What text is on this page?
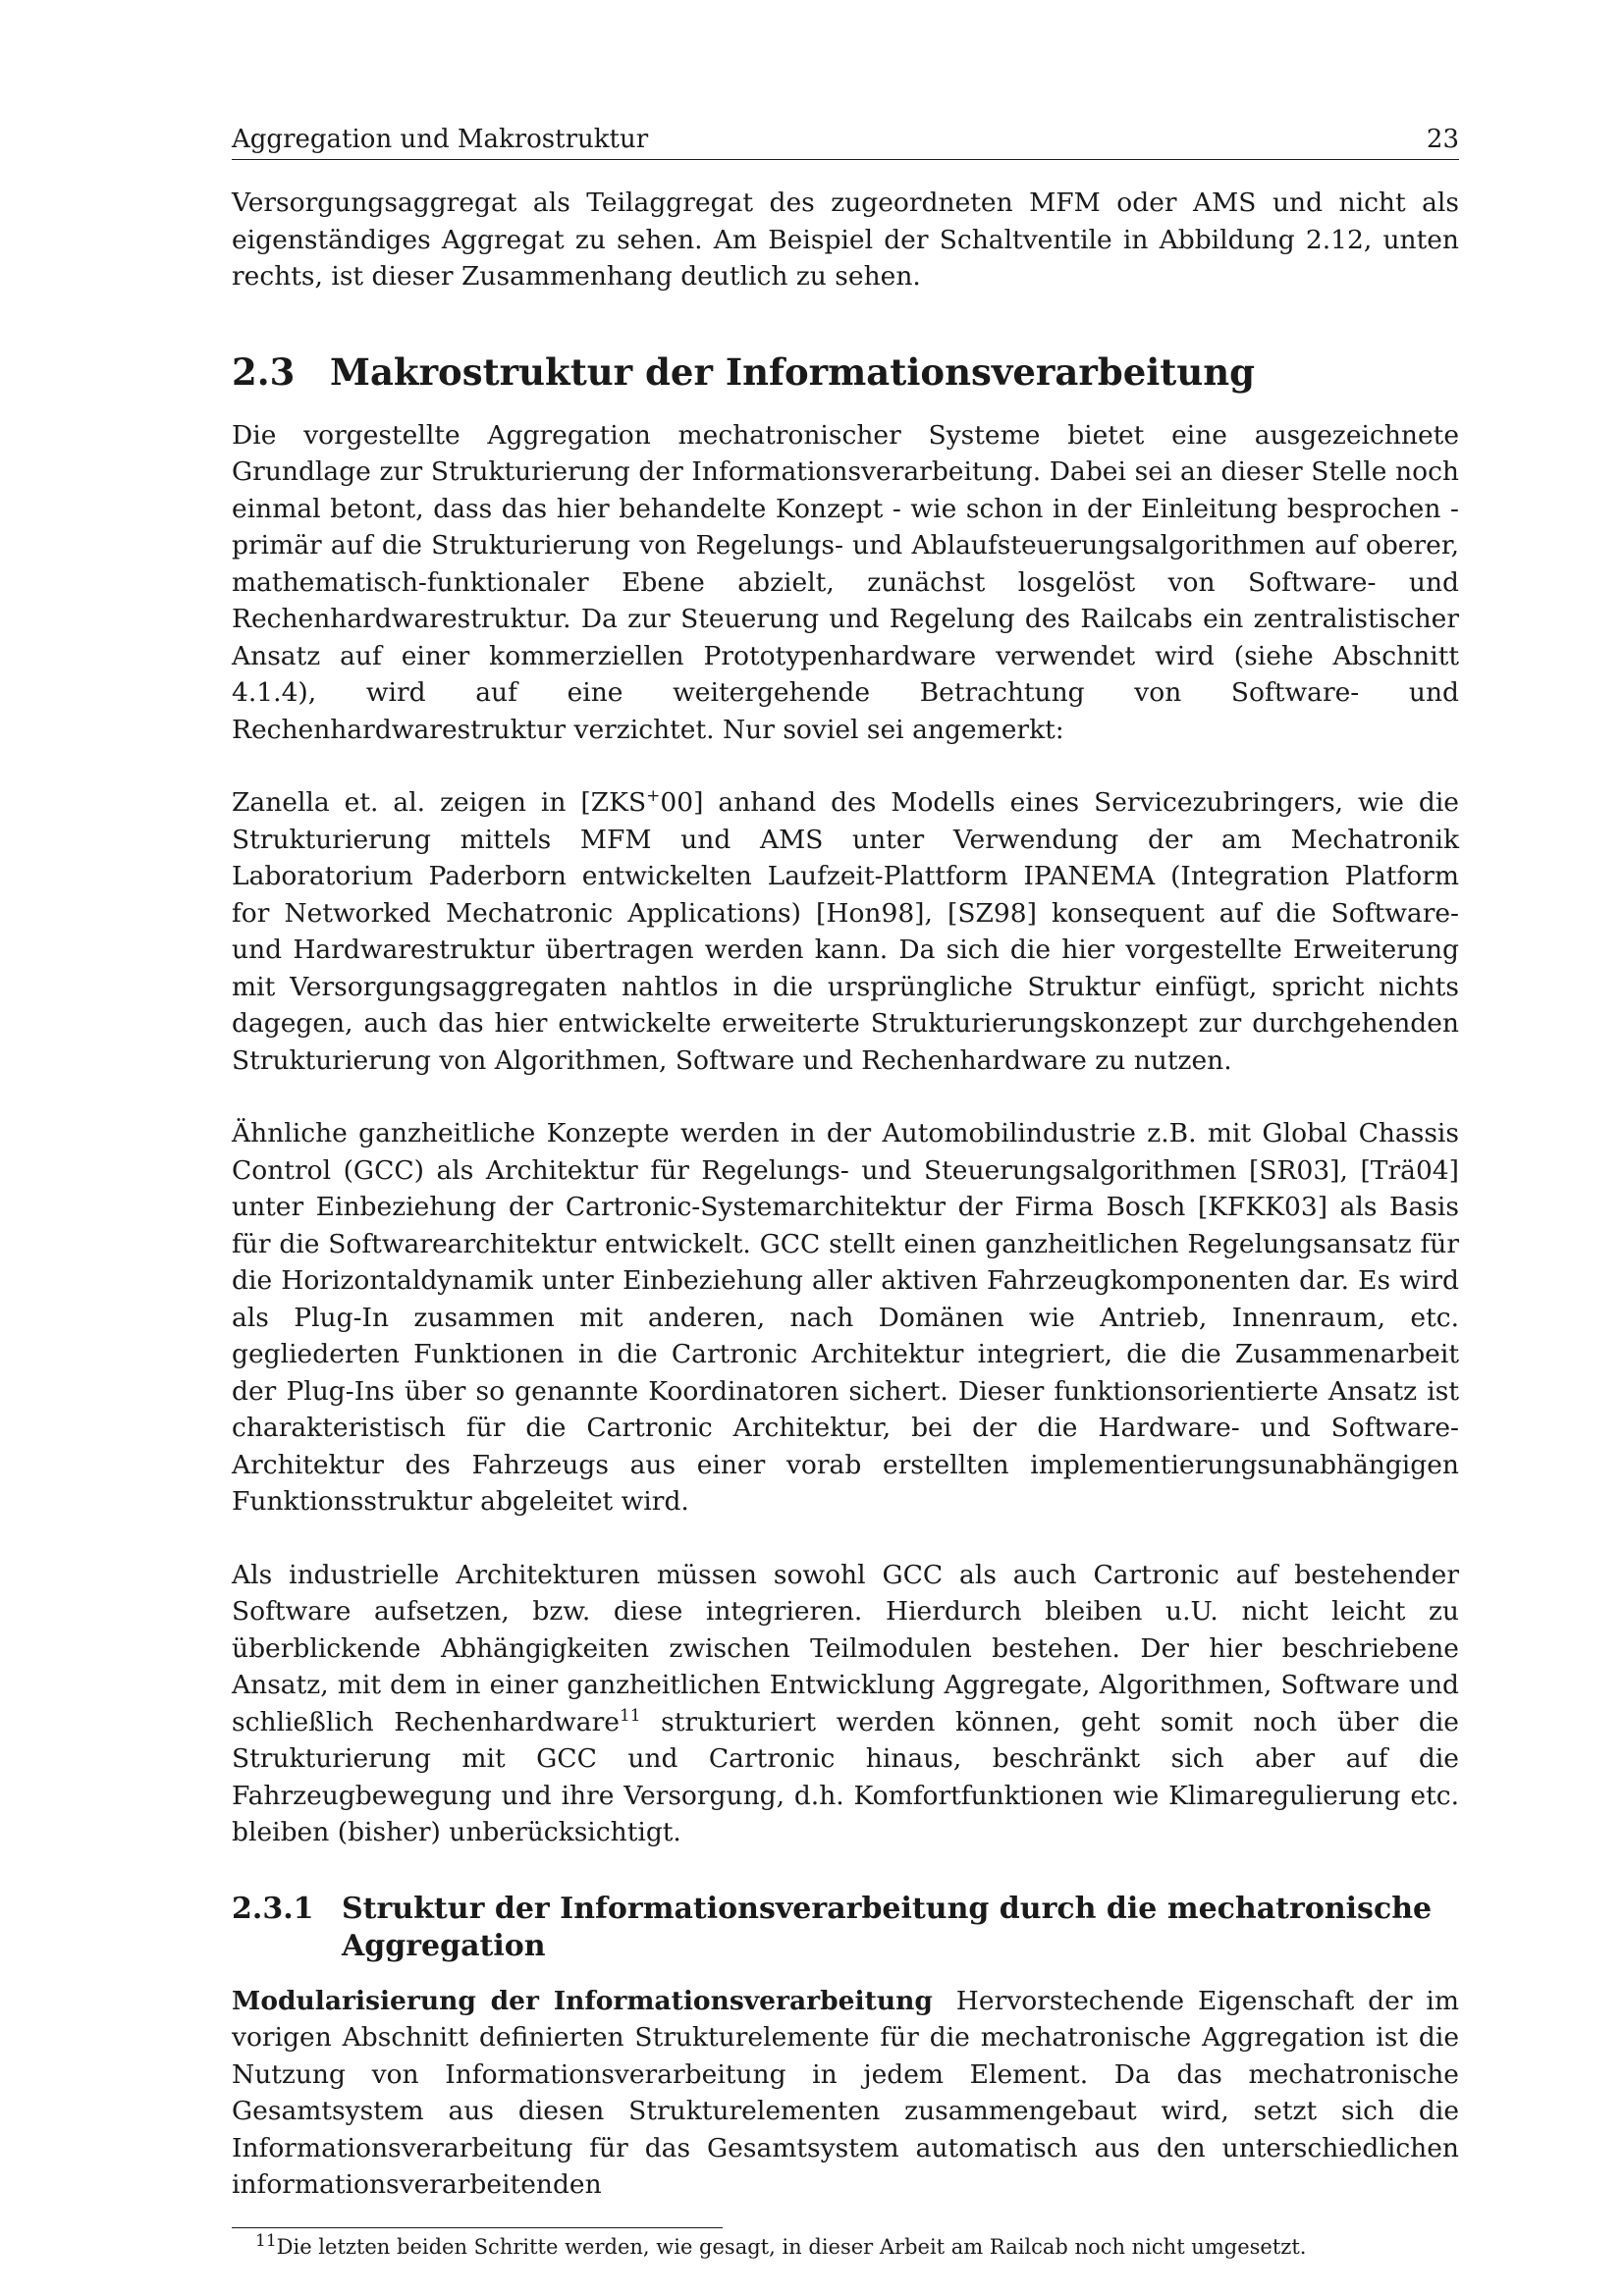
Aggregation und Makrostruktur	23

Versorgungsaggregat als Teilaggregat des zugeordneten MFM oder AMS und nicht als eigenständiges Aggregat zu sehen. Am Beispiel der Schaltventile in Abbildung 2.12, unten rechts, ist dieser Zusammenhang deutlich zu sehen.

2.3 Makrostruktur der Informationsverarbeitung

Die vorgestellte Aggregation mechatronischer Systeme bietet eine ausgezeichnete Grundlage zur Strukturierung der Informationsverarbeitung. Dabei sei an dieser Stelle noch einmal betont, dass das hier behandelte Konzept - wie schon in der Einleitung besprochen - primär auf die Strukturierung von Regelungs- und Ablaufsteuerungsalgorithmen auf oberer, mathematisch-funktionaler Ebene abzielt, zunächst losgelöst von Software- und Rechenhardwarestruktur. Da zur Steuerung und Regelung des Railcabs ein zentralistischer Ansatz auf einer kommerziellen Prototypenhardware verwendet wird (siehe Abschnitt 4.1.4), wird auf eine weitergehende Betrachtung von Software- und Rechenhardwarestruktur verzichtet. Nur soviel sei angemerkt:

Zanella et. al. zeigen in [ZKS+00] anhand des Modells eines Servicezubringers, wie die Strukturierung mittels MFM und AMS unter Verwendung der am Mechatronik Laboratorium Paderborn entwickelten Laufzeit-Plattform IPANEMA (Integration Platform for Networked Mechatronic Applications) [Hon98], [SZ98] konsequent auf die Software- und Hardwarestruktur übertragen werden kann. Da sich die hier vorgestellte Erweiterung mit Versorgungsaggregaten nahtlos in die ursprüngliche Struktur einfügt, spricht nichts dagegen, auch das hier entwickelte erweiterte Strukturierungskonzept zur durchgehenden Strukturierung von Algorithmen, Software und Rechenhardware zu nutzen.

Ähnliche ganzheitliche Konzepte werden in der Automobilindustrie z.B. mit Global Chassis Control (GCC) als Architektur für Regelungs- und Steuerungsalgorithmen [SR03], [Trä04] unter Einbeziehung der Cartronic-Systemarchitektur der Firma Bosch [KFKK03] als Basis für die Softwarearchitektur entwickelt. GCC stellt einen ganzheitlichen Regelungsansatz für die Horizontaldynamik unter Einbeziehung aller aktiven Fahrzeugkomponenten dar. Es wird als Plug-In zusammen mit anderen, nach Domänen wie Antrieb, Innenraum, etc. gegliederten Funktionen in die Cartronic Architektur integriert, die die Zusammenarbeit der Plug-Ins über so genannte Koordinatoren sichert. Dieser funktionsorientierte Ansatz ist charakteristisch für die Cartronic Architektur, bei der die Hardware- und Software-Architektur des Fahrzeugs aus einer vorab erstellten implementierungsunabhängigen Funktionsstruktur abgeleitet wird.

Als industrielle Architekturen müssen sowohl GCC als auch Cartronic auf bestehender Software aufsetzen, bzw. diese integrieren. Hierdurch bleiben u.U. nicht leicht zu überblickende Abhängigkeiten zwischen Teilmodulen bestehen. Der hier beschriebene Ansatz, mit dem in einer ganzheitlichen Entwicklung Aggregate, Algorithmen, Software und schließlich Rechenhardware$^{11}$ strukturiert werden können, geht somit noch über die Strukturierung mit GCC und Cartronic hinaus, beschränkt sich aber auf die Fahrzeugbewegung und ihre Versorgung, d.h. Komfortfunktionen wie Klimaregulierung etc. bleiben (bisher) unberücksichtigt.

2.3.1 Struktur der Informationsverarbeitung durch die mechatronische Aggregation

Modularisierung der Informationsverarbeitung Hervorstechende Eigenschaft der im vorigen Abschnitt definierten Strukturelemente für die mechatronische Aggregation ist die Nutzung von Informationsverarbeitung in jedem Element. Da das mechatronische Gesamtsystem aus diesen Strukturelementen zusammengebaut wird, setzt sich die Informationsverarbeitung für das Gesamtsystem automatisch aus den unterschiedlichen informationsverarbeitenden

$^{11}$Die letzten beiden Schritte werden, wie gesagt, in dieser Arbeit am Railcab noch nicht umgesetzt.
